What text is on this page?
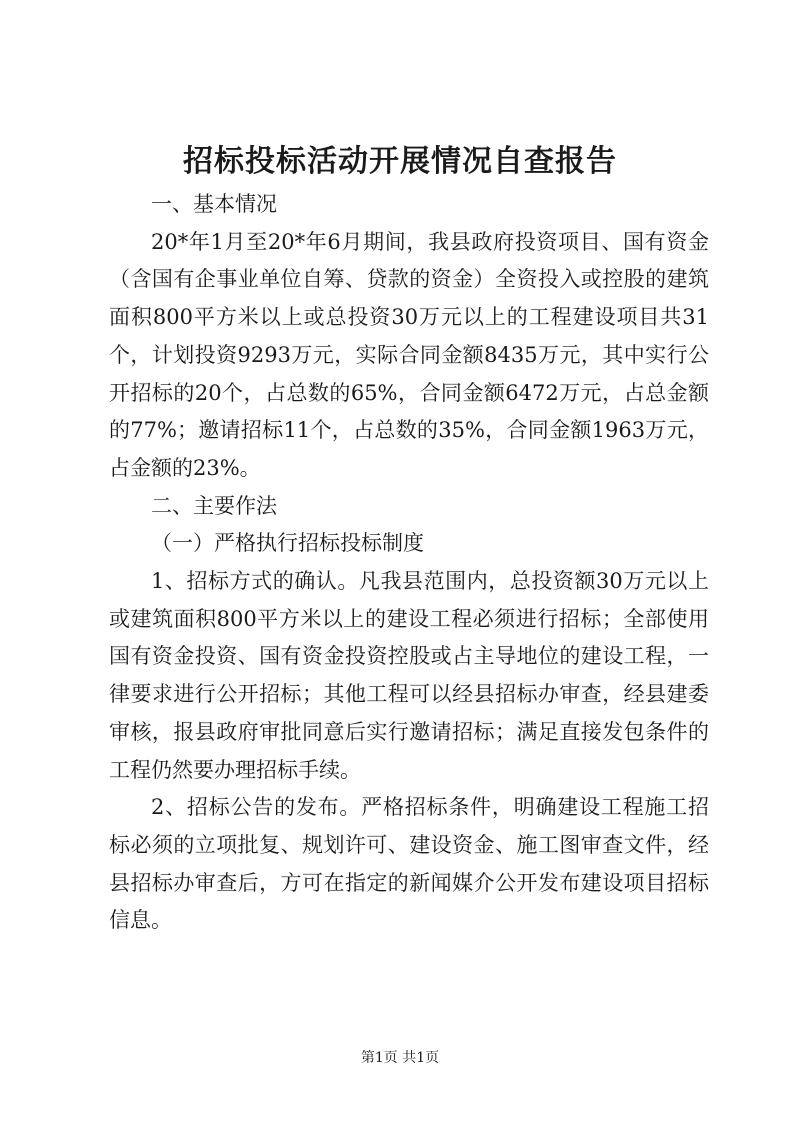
招标投标活动开展情况自查报告

一、基本情况

20*年1月至20*年6月期间，我县政府投资项目、国有资金（含国有企事业单位自筹、贷款的资金）全资投入或控股的建筑面积800平方米以上或总投资30万元以上的工程建设项目共31个，计划投资9293万元，实际合同金额8435万元，其中实行公开招标的20个，占总数的65%，合同金额6472万元，占总金额的77%；邀请招标11个，占总数的35%，合同金额1963万元，占金额的23%。

二、主要作法

（一）严格执行招标投标制度

1、招标方式的确认。凡我县范围内，总投资额30万元以上或建筑面积800平方米以上的建设工程必须进行招标；全部使用国有资金投资、国有资金投资控股或占主导地位的建设工程，一律要求进行公开招标；其他工程可以经县招标办审查，经县建委审核，报县政府审批同意后实行邀请招标；满足直接发包条件的工程仍然要办理招标手续。

2、招标公告的发布。严格招标条件，明确建设工程施工招标必须的立项批复、规划许可、建设资金、施工图审查文件，经县招标办审查后，方可在指定的新闻媒介公开发布建设项目招标信息。

第1页 共1页
